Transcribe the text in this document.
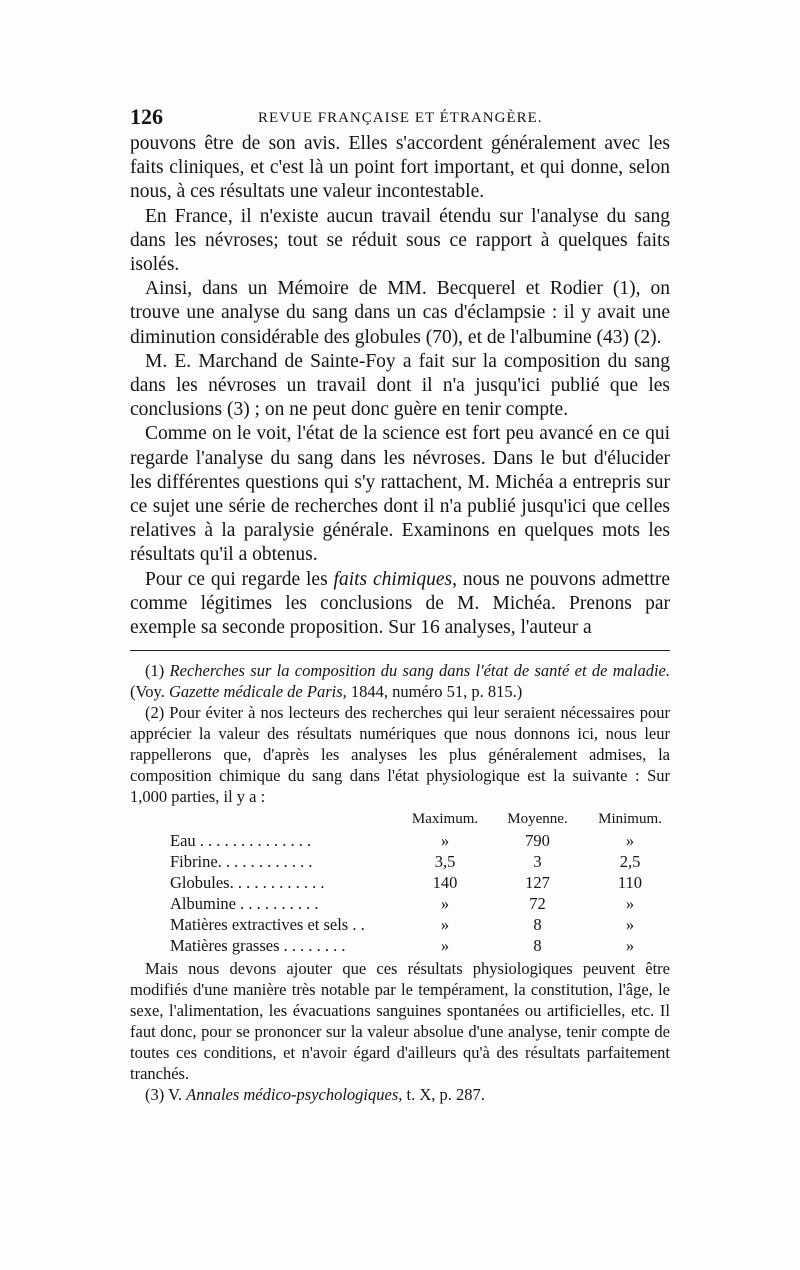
126	REVUE FRANÇAISE ET ÉTRANGÈRE.

pouvons être de son avis. Elles s'accordent généralement avec les faits cliniques, et c'est là un point fort important, et qui donne, selon nous, à ces résultats une valeur incontestable.

En France, il n'existe aucun travail étendu sur l'analyse du sang dans les névroses; tout se réduit sous ce rapport à quelques faits isolés.

Ainsi, dans un Mémoire de MM. Becquerel et Rodier (1), on trouve une analyse du sang dans un cas d'éclampsie : il y avait une diminution considérable des globules (70), et de l'albumine (43) (2).

M. E. Marchand de Sainte-Foy a fait sur la composition du sang dans les névroses un travail dont il n'a jusqu'ici publié que les conclusions (3) ; on ne peut donc guère en tenir compte.

Comme on le voit, l'état de la science est fort peu avancé en ce qui regarde l'analyse du sang dans les névroses. Dans le but d'élucider les différentes questions qui s'y rattachent, M. Michéa a entrepris sur ce sujet une série de recherches dont il n'a publié jusqu'ici que celles relatives à la paralysie générale. Examinons en quelques mots les résultats qu'il a obtenus.

Pour ce qui regarde les faits chimiques, nous ne pouvons admettre comme légitimes les conclusions de M. Michéa. Prenons par exemple sa seconde proposition. Sur 16 analyses, l'auteur a

(1) Recherches sur la composition du sang dans l'état de santé et de maladie. (Voy. Gazette médicale de Paris, 1844, numéro 51, p. 815.)

(2) Pour éviter à nos lecteurs des recherches qui leur seraient nécessaires pour apprécier la valeur des résultats numériques que nous donnons ici, nous leur rappellerons que, d'après les analyses les plus généralement admises, la composition chimique du sang dans l'état physiologique est la suivante : Sur 1,000 parties, il y a :

	Maximum.	Moyenne.	Minimum.
Eau . . . . . . . . . . . . . .	»	790	»
Fibrine. . . . . . . . . . . .	3,5	3	2,5
Globules. . . . . . . . . . . .	140	127	110
Albumine . . . . . . . . . .	»	72	»
Matières extractives et sels . .	»	8	»
Matières grasses . . . . . . . .	»	8	»

Mais nous devons ajouter que ces résultats physiologiques peuvent être modifiés d'une manière très notable par le tempérament, la constitution, l'âge, le sexe, l'alimentation, les évacuations sanguines spontanées ou artificielles, etc. Il faut donc, pour se prononcer sur la valeur absolue d'une analyse, tenir compte de toutes ces conditions, et n'avoir égard d'ailleurs qu'à des résultats parfaitement tranchés.

(3) V. Annales médico-psychologiques, t. X, p. 287.
